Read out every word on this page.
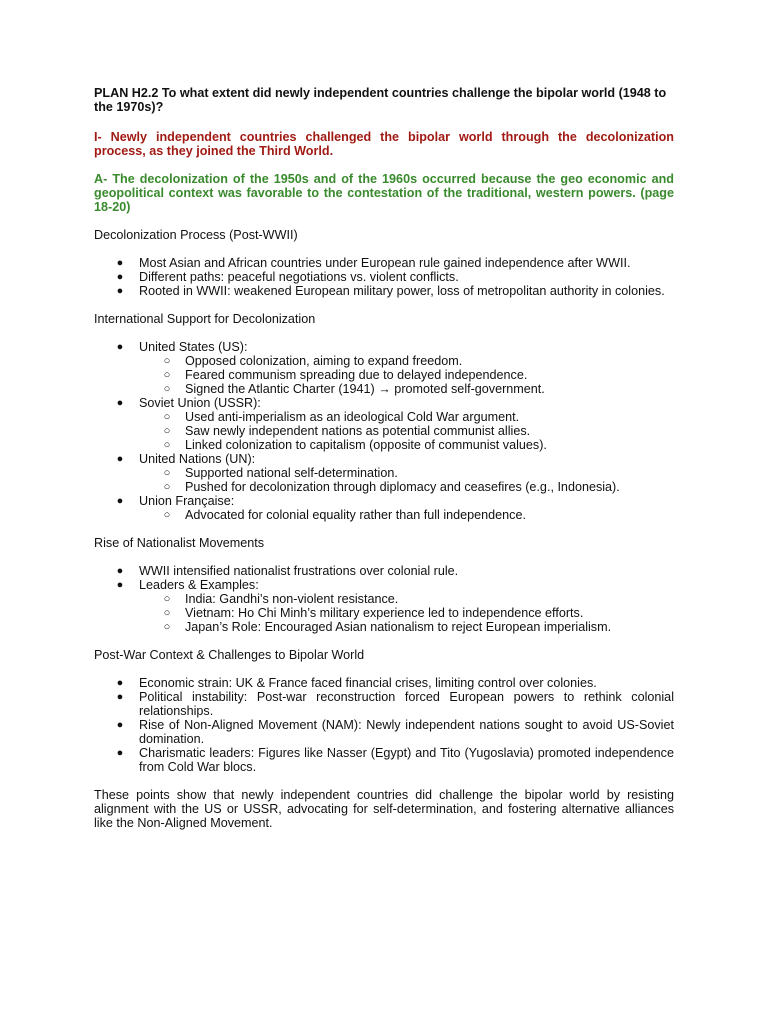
PLAN H2.2 To what extent did newly independent countries challenge the bipolar world (1948 to the 1970s)?

I- Newly independent countries challenged the bipolar world through the decolonization process, as they joined the Third World.

A- The decolonization of the 1950s and of the 1960s occurred because the geo economic and geopolitical context was favorable to the contestation of the traditional, western powers. (page 18-20)

Decolonization Process (Post-WWII)

● Most Asian and African countries under European rule gained independence after WWII.
● Different paths: peaceful negotiations vs. violent conflicts.
● Rooted in WWII: weakened European military power, loss of metropolitan authority in colonies.

International Support for Decolonization

● United States (US):
○ Opposed colonization, aiming to expand freedom.
○ Feared communism spreading due to delayed independence.
○ Signed the Atlantic Charter (1941) → promoted self-government.
● Soviet Union (USSR):
○ Used anti-imperialism as an ideological Cold War argument.
○ Saw newly independent nations as potential communist allies.
○ Linked colonization to capitalism (opposite of communist values).
● United Nations (UN):
○ Supported national self-determination.
○ Pushed for decolonization through diplomacy and ceasefires (e.g., Indonesia).
● Union Française:
○ Advocated for colonial equality rather than full independence.

Rise of Nationalist Movements

● WWII intensified nationalist frustrations over colonial rule.
● Leaders & Examples:
○ India: Gandhi’s non-violent resistance.
○ Vietnam: Ho Chi Minh’s military experience led to independence efforts.
○ Japan’s Role: Encouraged Asian nationalism to reject European imperialism.

Post-War Context & Challenges to Bipolar World

● Economic strain: UK & France faced financial crises, limiting control over colonies.
● Political instability: Post-war reconstruction forced European powers to rethink colonial relationships.
● Rise of Non-Aligned Movement (NAM): Newly independent nations sought to avoid US-Soviet domination.
● Charismatic leaders: Figures like Nasser (Egypt) and Tito (Yugoslavia) promoted independence from Cold War blocs.

These points show that newly independent countries did challenge the bipolar world by resisting alignment with the US or USSR, advocating for self-determination, and fostering alternative alliances like the Non-Aligned Movement.
